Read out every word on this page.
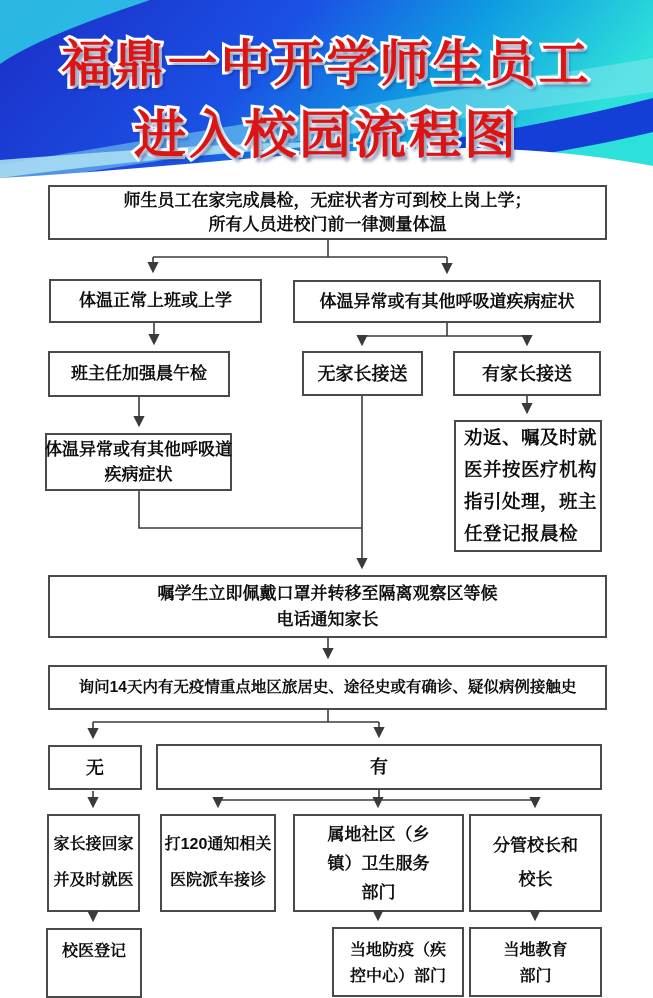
福鼎一中开学师生员工
进入校园流程图
师生员工在家完成晨检，无症状者方可到校上岗上学；
所有人员进校门前一律测量体温
体温正常上班或上学	体温异常或有其他呼吸道疾病症状
班主任加强晨午检	无家长接送	有家长接送
体温异常或有其他呼吸道
疾病症状
劝返、嘱及时就
医并按医疗机构
指引处理，班主
任登记报晨检
嘱学生立即佩戴口罩并转移至隔离观察区等候
电话通知家长
询问14天内有无疫情重点地区旅居史、途径史或有确诊、疑似病例接触史
无	有
家长接回家
并及时就医
打120通知相关
医院派车接诊
属地社区（乡
镇）卫生服务
部门
分管校长和
校长
校医登记	当地防疫（疾
控中心）部门
当地教育
部门
